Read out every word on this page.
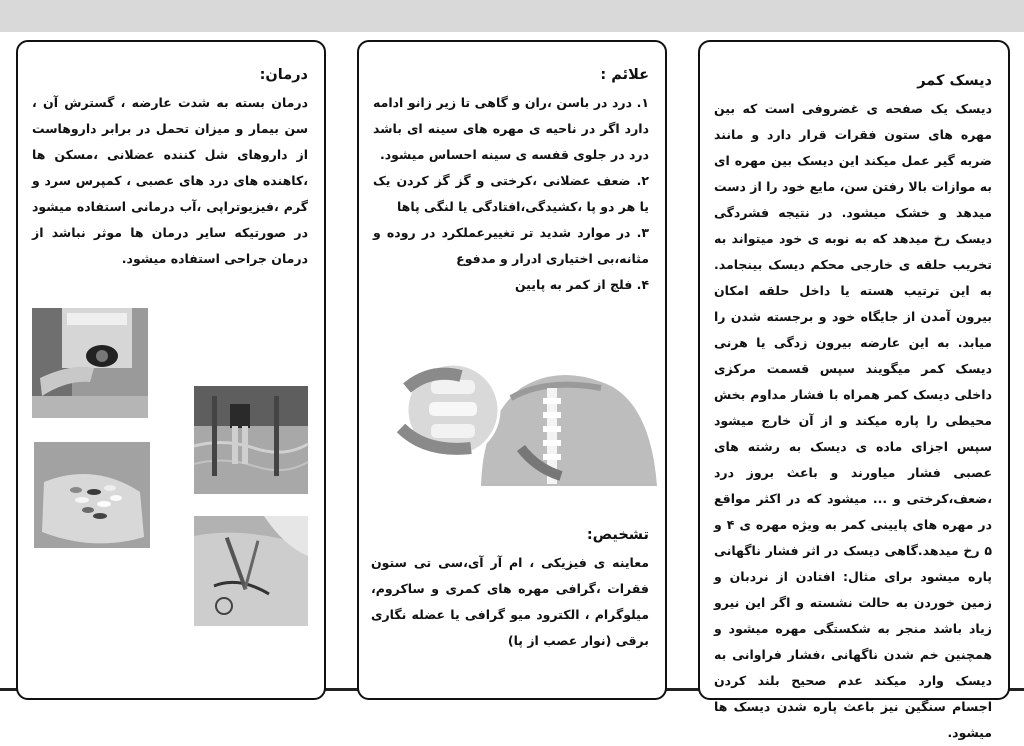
درمان:

درمان بسته به شدت عارضه ، گسترش آن ، سن بیمار و میزان تحمل در برابر داروهاست از داروهای شل کننده عضلانی ،مسکن ها ،کاهنده های درد های عصبی ، کمپرس سرد و گرم ،فیزیوتراپی ،آب درمانی استفاده میشود در صورتیکه سایر درمان ها موثر نباشد از درمان جراحی استفاده میشود.

علائم :
۱. درد در باسن ،ران و گاهی تا زیر زانو ادامه دارد اگر در ناحیه ی مهره های سینه ای باشد درد در جلوی قفسه ی سینه احساس میشود.
۲. ضعف عضلانی ،کرختی و گز گز کردن یک یا هر دو پا ،کشیدگی،افتادگی یا لنگی پاها
۳. در موارد شدید تر تغییرعملکرد در روده و مثانه،بی اختیاری ادرار و مدفوع
۴. فلج از کمر به پایین
تشخیص:

معاینه ی فیزیکی ، ام آر آی،سی تی ستون فقرات ،گرافی مهره های کمری و ساکروم، میلوگرام ، الکترود میو گرافی یا عضله نگاری برقی (نوار عصب از پا)

دیسک کمر

دیسک یک صفحه ی غضروفی است که بین مهره های ستون فقرات قرار دارد و مانند ضربه گیر عمل میکند این دیسک بین مهره ای به موازات بالا رفتن سن، مایع خود را از دست میدهد و خشک میشود. در نتیجه فشردگی دیسک رخ میدهد که به نوبه ی خود میتواند به تخریب حلقه ی خارجی محکم دیسک بینجامد. به این ترتیب هسته یا داخل حلقه امکان بیرون آمدن از جایگاه خود و برجسته شدن را میابد. به این عارضه بیرون زدگی یا هرنی دیسک کمر میگویند سپس قسمت مرکزی داخلی دیسک کمر همراه با فشار مداوم بخش محیطی را پاره میکند و از آن خارج میشود سپس اجزای ماده ی دیسک به رشته های عصبی فشار میاورند و باعث بروز درد ،ضعف،کرختی و ... میشود که در اکثر مواقع در مهره های پایینی کمر به ویژه مهره ی ۴ و ۵ رخ میدهد.گاهی دیسک در اثر فشار ناگهانی پاره میشود برای مثال: افتادن از نردبان و زمین خوردن به حالت نشسته و اگر این نیرو زیاد باشد منجر به شکستگی مهره میشود و همچنین خم شدن ناگهانی ،فشار فراوانی به دیسک وارد میکند عدم صحیح بلند کردن اجسام سنگین نیز باعث پاره شدن دیسک ها میشود.
